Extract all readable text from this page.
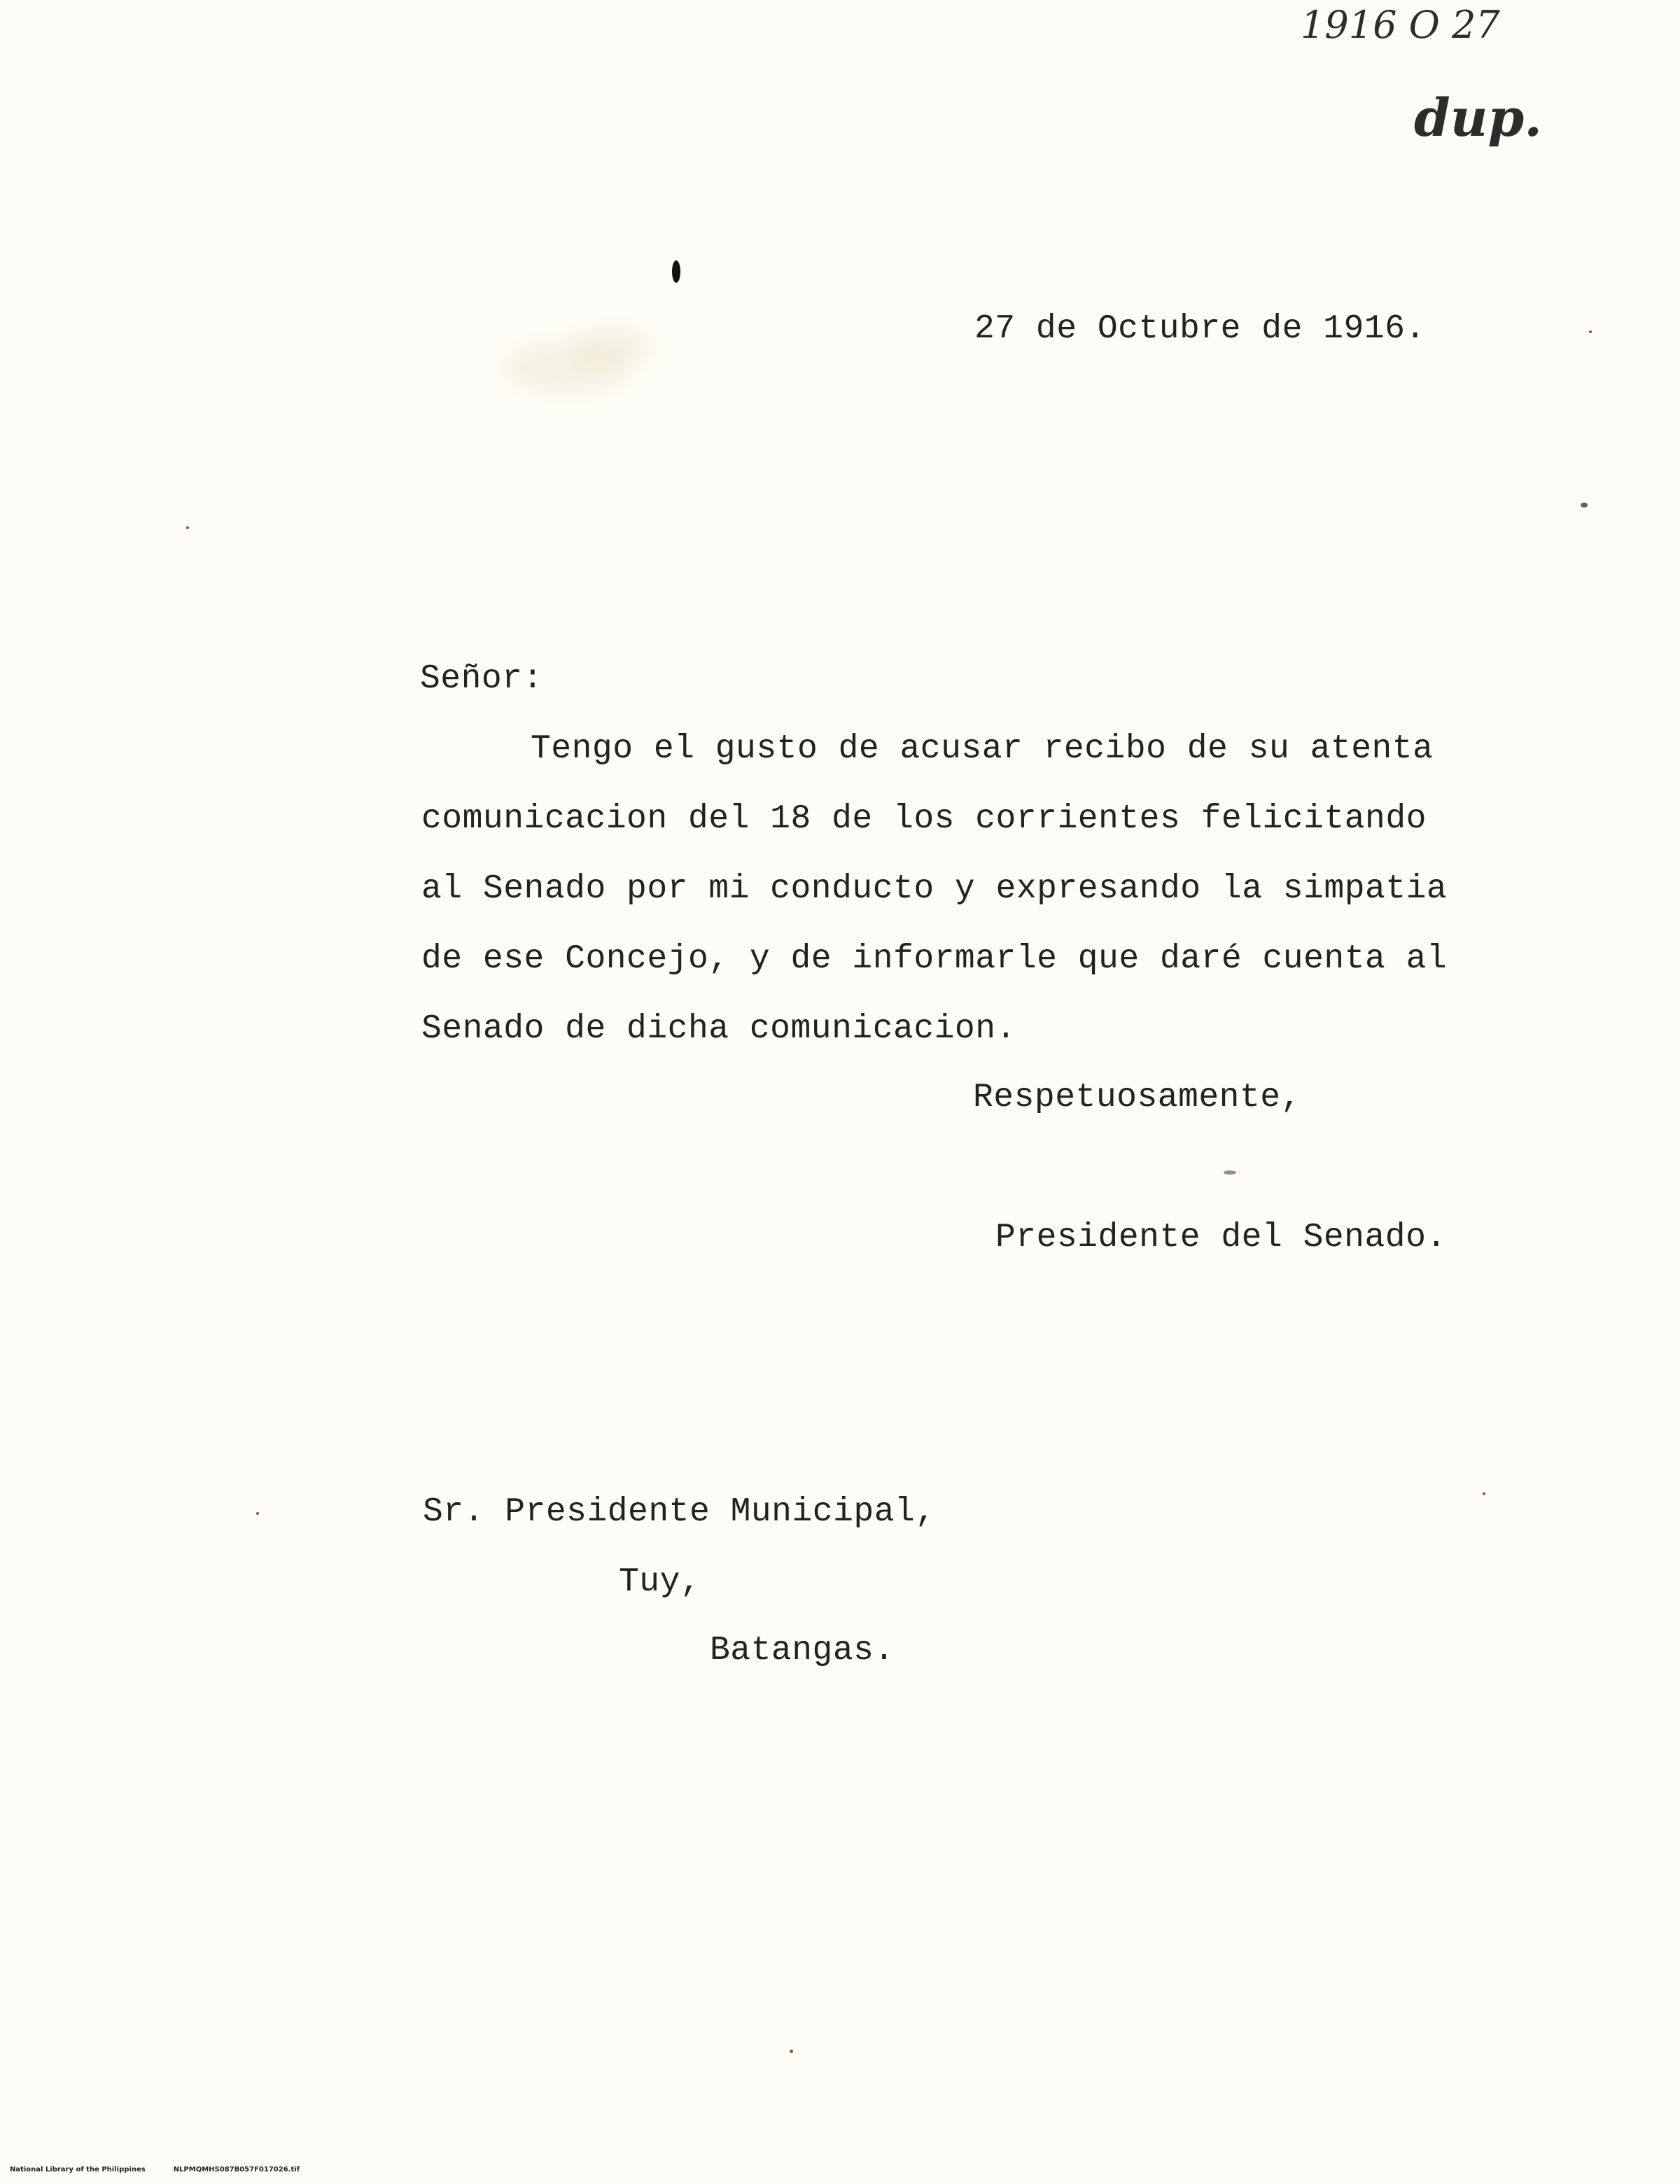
1916 O 27
dup.
27 de Octubre de 1916.
Señor:
Tengo el gusto de acusar recibo de su atenta
comunicacion del 18 de los corrientes felicitando
al Senado por mi conducto y expresando la simpatia
de ese Concejo, y de informarle que daré cuenta al
Senado de dicha comunicacion.
Respetuosamente,
Presidente del Senado.
Sr. Presidente Municipal,
Tuy,
Batangas.

National Library of the Philippines	NLPMQMHS087B057F017026.tif
